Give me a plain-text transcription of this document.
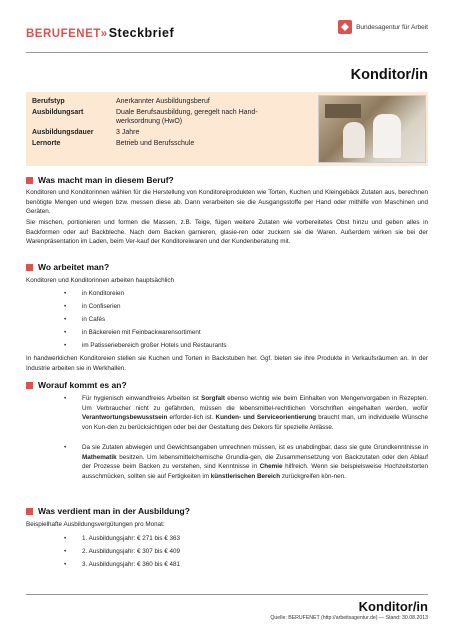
BERUFENET»Steckbrief	Bundesagentur für Arbeit
Konditor/in
Berufstyp	Anerkannter Ausbildungsberuf
Ausbildungsart	Duale Berufsausbildung, geregelt nach Hand-werksordnung (HwO)
Ausbildungsdauer	3 Jahre
Lernorte	Betrieb und Berufsschule
Was macht man in diesem Beruf?
Konditoren und Konditorinnen wählen für die Herstellung von Konditoreiprodukten wie Torten, Kuchen und Kleingebäck Zutaten aus, berechnen benötigte Mengen und wiegen bzw. messen diese ab. Dann verarbeiten sie die Ausgangsstoffe per Hand oder mithilfe von Maschinen und Geräten.
Sie mischen, portionieren und formen die Massen, z.B. Teige, fügen weitere Zutaten wie vorbereitetes Obst hinzu und geben alles in Backformen oder auf Backbleche. Nach dem Backen garnieren, glasie-ren oder zuckern sie die Waren. Außerdem wirken sie bei der Warenpräsentation im Laden, beim Ver-kauf der Konditoreiwaren und der Kundenberatung mit.
Wo arbeitet man?
Konditoren und Konditorinnen arbeiten hauptsächlich
•	in Konditoreien
•	in Confiserien
•	in Cafés
•	in Bäckereien mit Feinbackwarensortiment
•	im Patisseriebereich großer Hotels und Restaurants
In handwerklichen Konditoreien stellen sie Kuchen und Torten in Backstuben her. Ggf. bieten sie ihre Produkte in Verkaufsräumen an. In der Industrie arbeiten sie in Werkhallen.
Worauf kommt es an?
•	Für hygienisch einwandfreies Arbeiten ist Sorgfalt ebenso wichtig wie beim Einhalten von Mengenvorgaben in Rezepten. Um Verbraucher nicht zu gefährden, müssen die lebensmittel-rechtlichen Vorschriften eingehalten werden, wofür Verantwortungsbewusstsein erforder-lich ist. Kunden- und Serviceorientierung braucht man, um individuelle Wünsche von Kun-den zu berücksichtigen oder bei der Gestaltung des Dekors für spezielle Anlässe.
•	Da sie Zutaten abwiegen und Gewichtsangaben umrechnen müssen, ist es unabdingbar, dass sie gute Grundkenntnisse in Mathematik besitzen. Um lebensmittelchemische Grundla-gen, die Zusammensetzung von Backzutaten oder den Ablauf der Prozesse beim Backen zu verstehen, sind Kenntnisse in Chemie hilfreich. Wenn sie beispielsweise Hochzeitstorten ausschmücken, sollten sie auf Fertigkeiten im künstlerischen Bereich zurückgreifen kön-nen.
Was verdient man in der Ausbildung?
Beispielhafte Ausbildungsvergütungen pro Monat:
•	1. Ausbildungsjahr: € 271 bis € 363
•	2. Ausbildungsjahr: € 307 bis € 409
•	3. Ausbildungsjahr: € 360 bis € 481
Konditor/in
Quelle: BERUFENET (http://arbeitsagentur.de) — Stand: 30.08.2013
